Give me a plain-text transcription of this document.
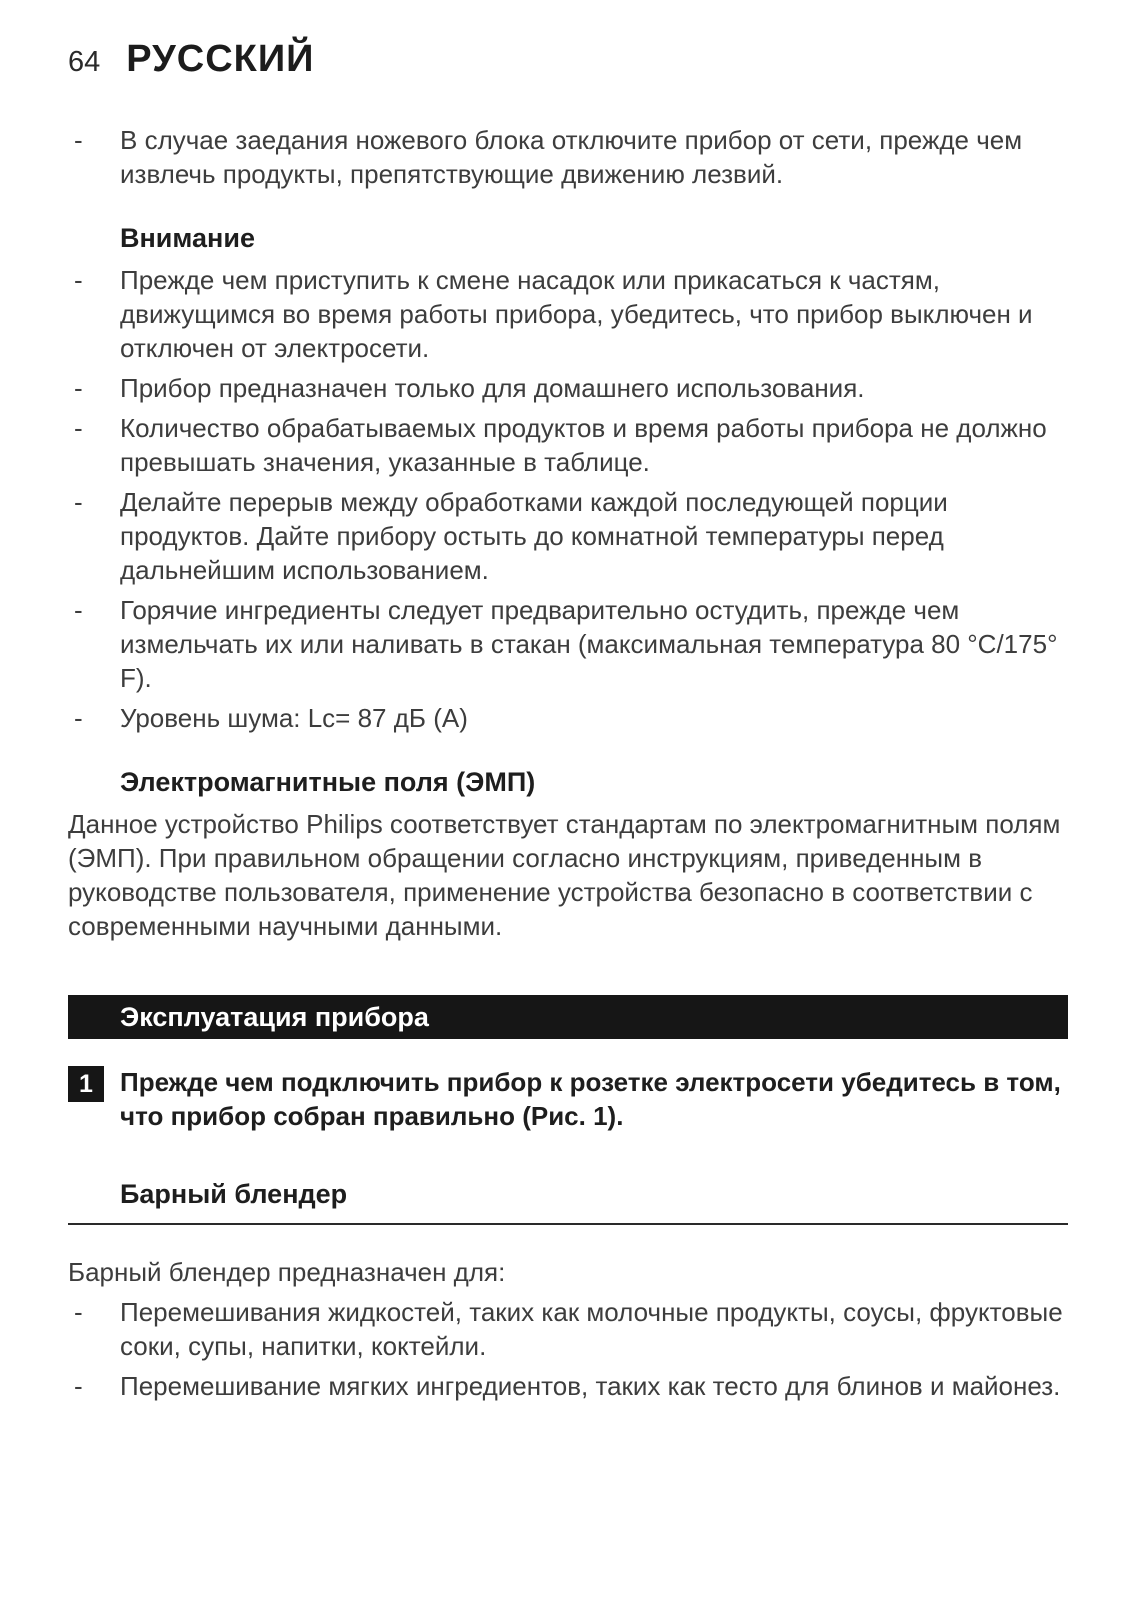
64 РУССКИЙ
-	В случае заедания ножевого блока отключите прибор от сети, прежде чем извлечь продукты, препятствующие движению лезвий.
Внимание
-	Прежде чем приступить к смене насадок или прикасаться к частям, движущимся во время работы прибора, убедитесь, что прибор выключен и отключен от электросети.
-	Прибор предназначен только для домашнего использования.
-	Количество обрабатываемых продуктов и время работы прибора не должно превышать значения, указанные в таблице.
-	Делайте перерыв между обработками каждой последующей порции продуктов. Дайте прибору остыть до комнатной температуры перед дальнейшим использованием.
-	Горячие ингредиенты следует предварительно остудить, прежде чем измельчать их или наливать в стакан (максимальная температура 80 °C/175° F).
-	Уровень шума: Lc= 87 дБ (A)
Электромагнитные поля (ЭМП)

Данное устройство Philips соответствует стандартам по электромагнитным полям (ЭМП). При правильном обращении согласно инструкциям, приведенным в руководстве пользователя, применение устройства безопасно в соответствии с современными научными данными.

Эксплуатация прибора
1	Прежде чем подключить прибор к розетке электросети убедитесь в том, что прибор собран правильно (Рис. 1).
Барный блендер

Барный блендер предназначен для:

-	Перемешивания жидкостей, таких как молочные продукты, соусы, фруктовые соки, супы, напитки, коктейли.
-	Перемешивание мягких ингредиентов, таких как тесто для блинов и майонез.
